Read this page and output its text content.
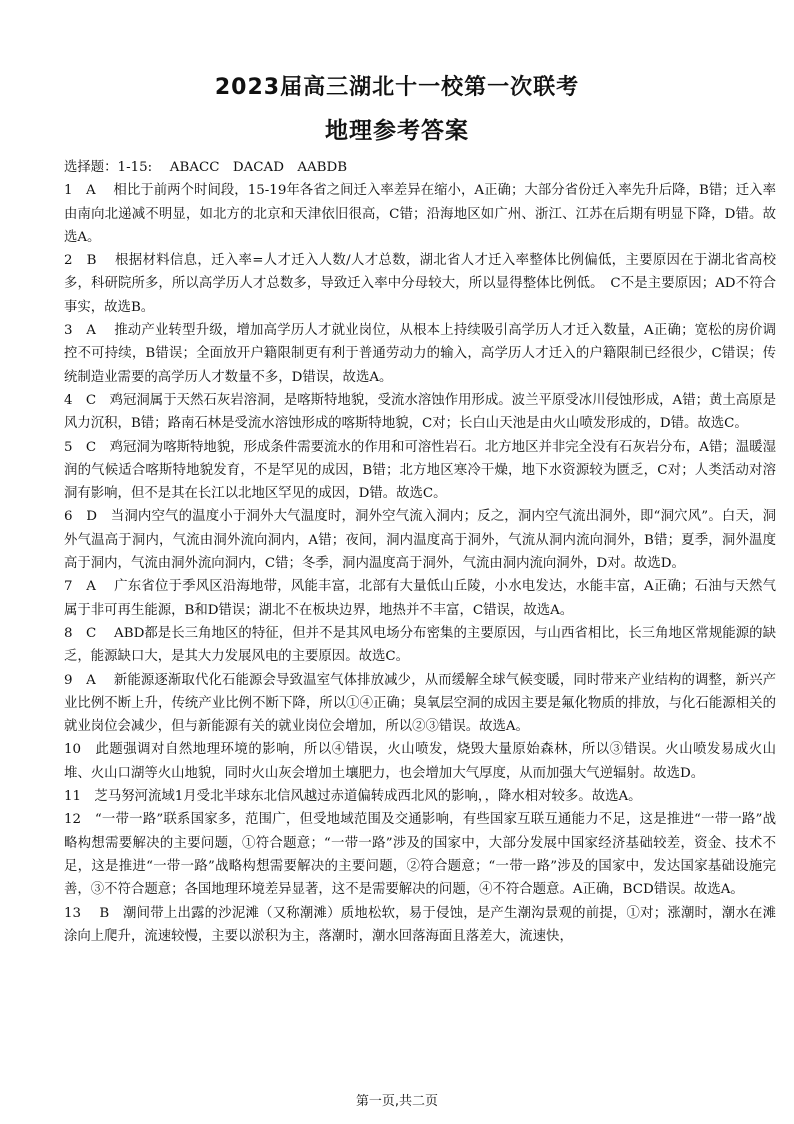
2023届高三湖北十一校第一次联考
地理参考答案

选择题：1-15:　 ABACC　DACAD　AABDB

1　A　 相比于前两个时间段，15-19年各省之间迁入率差异在缩小，A正确；大部分省份迁入率先升后降，B错；迁入率由南向北递减不明显，如北方的北京和天津依旧很高，C错；沿海地区如广州、浙江、江苏在后期有明显下降，D错。故选A。

2　B　 根据材料信息，迁入率=人才迁入人数/人才总数，湖北省人才迁入率整体比例偏低，主要原因在于湖北省高校多，科研院所多，所以高学历人才总数多，导致迁入率中分母较大，所以显得整体比例低。　C不是主要原因；AD不符合事实，故选B。

3　A　 推动产业转型升级，增加高学历人才就业岗位，从根本上持续吸引高学历人才迁入数量，A正确；宽松的房价调控不可持续，B错误；全面放开户籍限制更有利于普通劳动力的输入，高学历人才迁入的户籍限制已经很少，C错误；传统制造业需要的高学历人才数量不多，D错误，故选A。

4　C　鸡冠洞属于天然石灰岩溶洞，是喀斯特地貌，受流水溶蚀作用形成。波兰平原受冰川侵蚀形成，A错；黄土高原是风力沉积，B错；路南石林是受流水溶蚀形成的喀斯特地貌，C对；长白山天池是由火山喷发形成的，D错。故选C。

5　C　鸡冠洞为喀斯特地貌，形成条件需要流水的作用和可溶性岩石。北方地区并非完全没有石灰岩分布，A错；温暖湿润的气候适合喀斯特地貌发育，不是罕见的成因，B错；北方地区寒冷干燥，地下水资源较为匮乏，C对；人类活动对溶洞有影响，但不是其在长江以北地区罕见的成因，D错。故选C。

6　D　当洞内空气的温度小于洞外大气温度时，洞外空气流入洞内；反之，洞内空气流出洞外，即“洞穴风”。白天，洞外气温高于洞内，气流由洞外流向洞内，A错；夜间，洞内温度高于洞外，气流从洞内流向洞外，B错；夏季，洞外温度高于洞内，气流由洞外流向洞内，C错；冬季，洞内温度高于洞外，气流由洞内流向洞外，D对。故选D。

7　A　 广东省位于季风区沿海地带，风能丰富，北部有大量低山丘陵，小水电发达，水能丰富，A正确；石油与天然气属于非可再生能源，B和D错误；湖北不在板块边界，地热并不丰富，C错误，故选A。

8　C　 ABD都是长三角地区的特征，但并不是其风电场分布密集的主要原因，与山西省相比，长三角地区常规能源的缺乏，能源缺口大，是其大力发展风电的主要原因。故选C。

9　A　 新能源逐渐取代化石能源会导致温室气体排放减少，从而缓解全球气候变暖，同时带来产业结构的调整，新兴产业比例不断上升，传统产业比例不断下降，所以①④正确；臭氧层空洞的成因主要是氟化物质的排放，与化石能源相关的就业岗位会减少，但与新能源有关的就业岗位会增加，所以②③错误。故选A。

10　此题强调对自然地理环境的影响，所以④错误，火山喷发，烧毁大量原始森林，所以③错误。火山喷发易成火山堆、火山口湖等火山地貌，同时火山灰会增加土壤肥力，也会增加大气厚度，从而加强大气逆辐射。故选D。

11　芝马努河流域1月受北半球东北信风越过赤道偏转成西北风的影响，，降水相对较多。故选A。

12　“一带一路”联系国家多，范围广，但受地域范围及交通影响，有些国家互联互通能力不足，这是推进“一带一路”战略构想需要解决的主要问题，①符合题意；“一带一路”涉及的国家中，大部分发展中国家经济基础较差，资金、技术不足，这是推进“一带一路”战略构想需要解决的主要问题，②符合题意；“一带一路”涉及的国家中，发达国家基础设施完善，③不符合题意；各国地理环境差异显著，这不是需要解决的问题，④不符合题意。A正确，BCD错误。故选A。

13　 B　潮间带上出露的沙泥滩（又称潮滩）质地松软，易于侵蚀，是产生潮沟景观的前提，①对；涨潮时，潮水在滩涂向上爬升，流速较慢，主要以淤积为主，落潮时，潮水回落海面且落差大，流速快，

第一页,共二页
